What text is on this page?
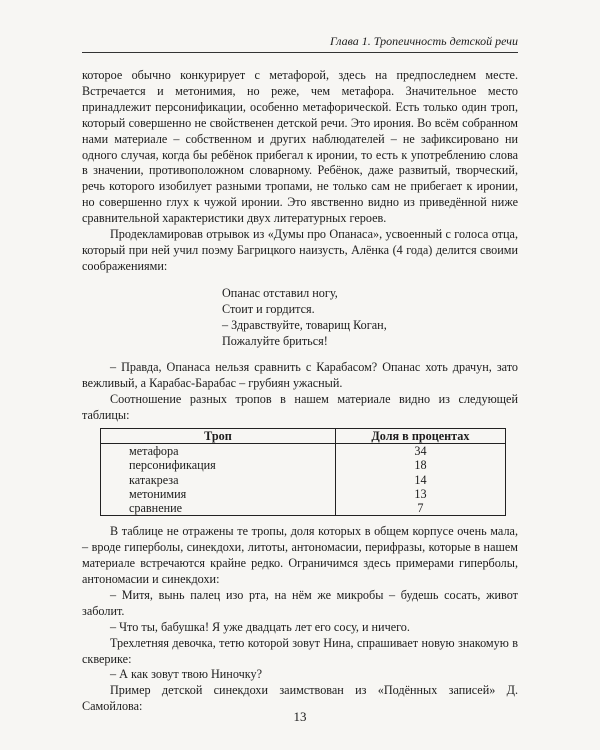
Глава 1. Тропеичность детской речи

которое обычно конкурирует с метафорой, здесь на предпоследнем месте. Встречается и метонимия, но реже, чем метафора. Значительное место принадлежит персонификации, особенно метафорической. Есть только один троп, который совершенно не свойственен детской речи. Это ирония. Во всём собранном нами материале – собственном и других наблюдателей – не зафиксировано ни одного случая, когда бы ребёнок прибегал к иронии, то есть к употреблению слова в значении, противоположном словарному. Ребёнок, даже развитый, творческий, речь которого изобилует разными тропами, не только сам не прибегает к иронии, но совершенно глух к чужой иронии. Это явственно видно из приведённой ниже сравнительной характеристики двух литературных героев.

Продекламировав отрывок из «Думы про Опанаса», усвоенный с голоса отца, который при ней учил поэму Багрицкого наизусть, Алёнка (4 года) делится своими соображениями:

Опанас отставил ногу,
Стоит и гордится.
– Здравствуйте, товарищ Коган,
Пожалуйте бриться!

– Правда, Опанаса нельзя сравнить с Карабасом? Опанас хоть драчун, зато вежливый, а Карабас-Барабас – грубиян ужасный.

Соотношение разных тропов в нашем материале видно из следующей таблицы:

Троп	Доля в процентах
метафора	34
персонификация	18
катакреза	14
метонимия	13
сравнение	7

В таблице не отражены те тропы, доля которых в общем корпусе очень мала, – вроде гиперболы, синекдохи, литоты, антономасии, перифразы, которые в нашем материале встречаются крайне редко. Ограничимся здесь примерами гиперболы, антономасии и синекдохи:

– Митя, вынь палец изо рта, на нём же микробы – будешь сосать, живот заболит.

– Что ты, бабушка! Я уже двадцать лет его сосу, и ничего.

Трехлетняя девочка, тетю которой зовут Нина, спрашивает новую знакомую в скверике:

– А как зовут твою Ниночку?

Пример детской синекдохи заимствован из «Подённых записей» Д. Самойлова:

13
